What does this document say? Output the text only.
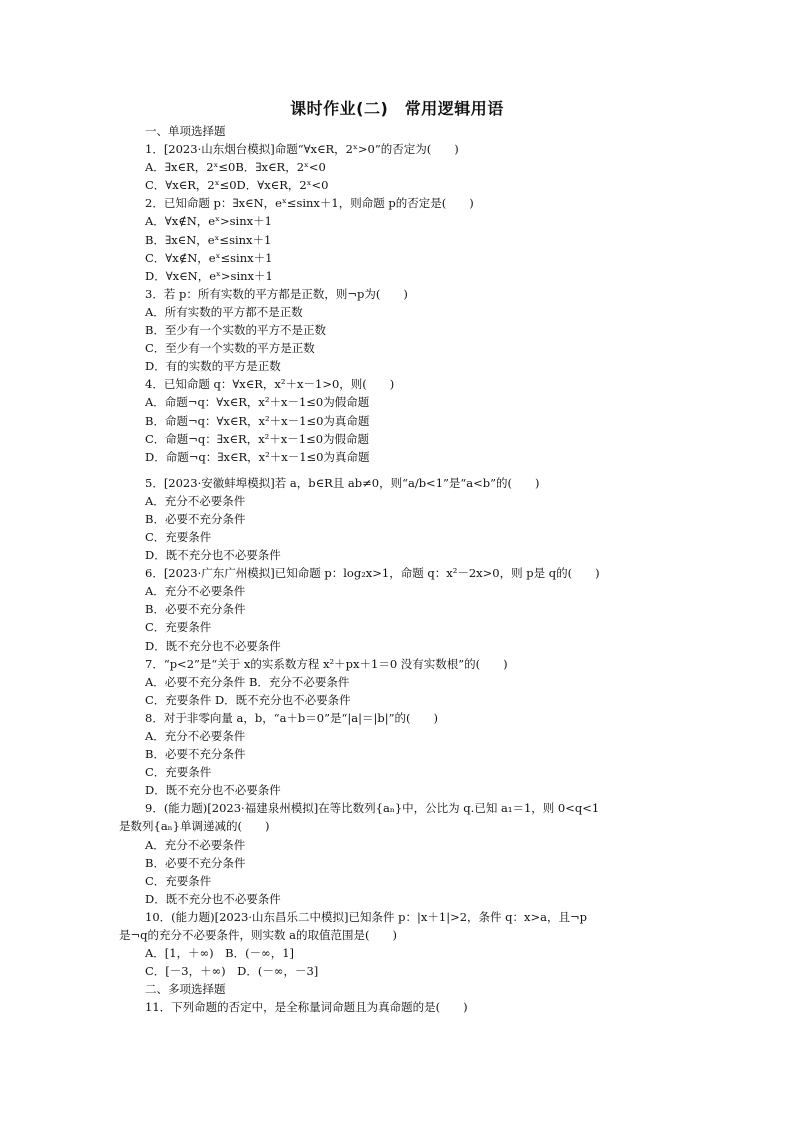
课时作业(二)　常用逻辑用语
一、单项选择题
1．[2023·山东烟台模拟]命题“∀x∈R，2ˣ>0”的否定为(　　)
A．∃x∈R，2ˣ≤0B．∃x∈R，2ˣ<0
C．∀x∈R，2ˣ≤0D．∀x∈R，2ˣ<0
2．已知命题 p：∃x∈N，eˣ≤sinx＋1，则命题 p的否定是(　　)
A．∀x∉N，eˣ>sinx＋1
B．∃x∈N，eˣ≤sinx＋1
C．∀x∉N，eˣ≤sinx＋1
D．∀x∈N，eˣ>sinx＋1
3．若 p：所有实数的平方都是正数，则¬p为(　　)
A．所有实数的平方都不是正数
B．至少有一个实数的平方不是正数
C．至少有一个实数的平方是正数
D．有的实数的平方是正数
4．已知命题 q：∀x∈R，x²＋x－1>0，则(　　)
A．命题¬q：∀x∈R，x²＋x－1≤0为假命题
B．命题¬q：∀x∈R，x²＋x－1≤0为真命题
C．命题¬q：∃x∈R，x²＋x－1≤0为假命题
D．命题¬q：∃x∈R，x²＋x－1≤0为真命题
5．[2023·安徽蚌埠模拟]若 a，b∈R且 ab≠0，则“a/b<1”是“a<b”的(　　)
A．充分不必要条件
B．必要不充分条件
C．充要条件
D．既不充分也不必要条件
6．[2023·广东广州模拟]已知命题 p：log₂x>1，命题 q：x²－2x>0，则 p是 q的(　　)
A．充分不必要条件
B．必要不充分条件
C．充要条件
D．既不充分也不必要条件
7．“p<2”是“关于 x的实系数方程 x²＋px＋1＝0 没有实数根”的(　　)
A．必要不充分条件 B．充分不必要条件
C．充要条件 D．既不充分也不必要条件
8．对于非零向量 a，b，“a＋b＝0”是“|a|＝|b|”的(　　)
A．充分不必要条件
B．必要不充分条件
C．充要条件
D．既不充分也不必要条件
9．(能力题)[2023·福建泉州模拟]在等比数列{aₙ}中，公比为 q.已知 a₁＝1，则 0<q<1
是数列{aₙ}单调递减的(　　)
A．充分不必要条件
B．必要不充分条件
C．充要条件
D．既不充分也不必要条件
10．(能力题)[2023·山东昌乐二中模拟]已知条件 p：|x＋1|>2，条件 q：x>a，且¬p
是¬q的充分不必要条件，则实数 a的取值范围是(　　)
A．[1，＋∞)　B．(－∞，1]
C．[－3，＋∞)　D．(－∞，－3]
二、多项选择题
11．下列命题的否定中，是全称量词命题且为真命题的是(　　)
